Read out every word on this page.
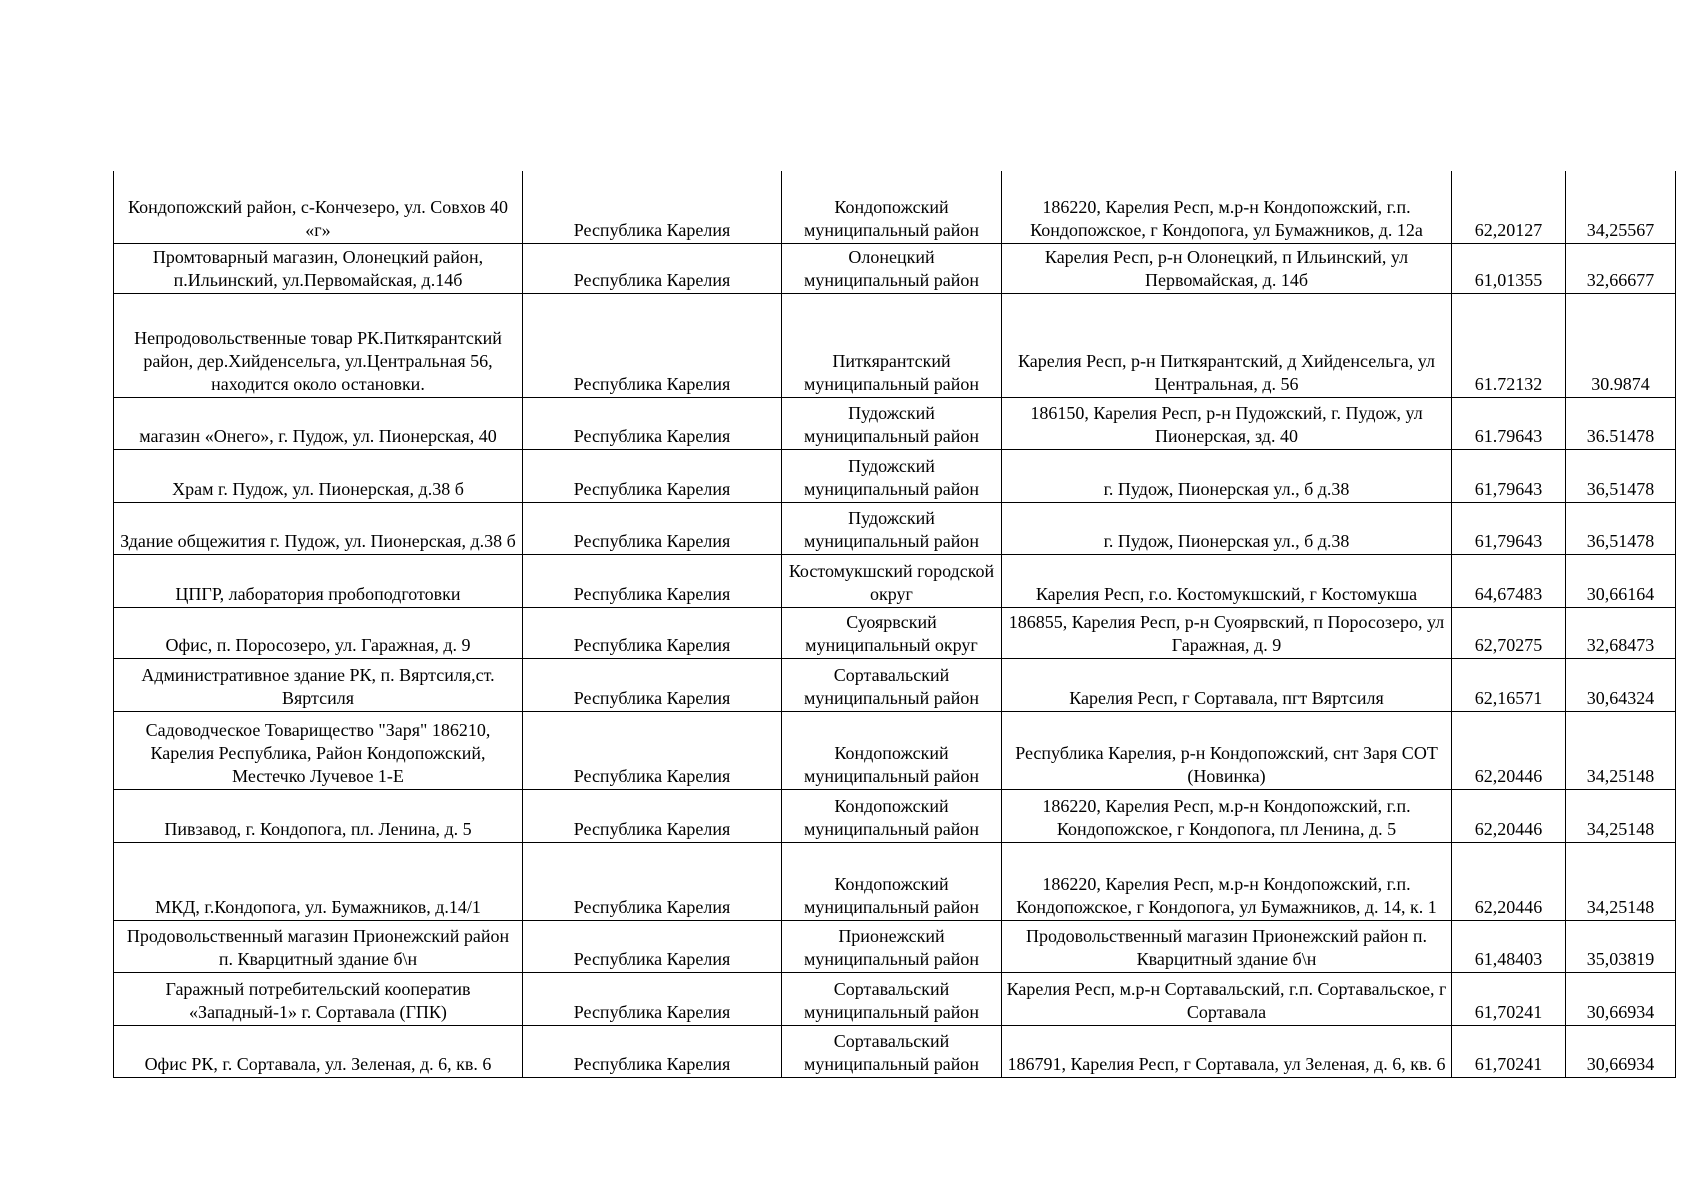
Кондопожский район, с-Кончезеро, ул. Совхов 40 «г»	Республика Карелия	Кондопожский муниципальный район	186220, Карелия Респ, м.р-н Кондопожский, г.п. Кондопожское, г Кондопога, ул Бумажников, д. 12а	62,20127	34,25567
Промтоварный магазин, Олонецкий район, п.Ильинский, ул.Первомайская, д.14б	Республика Карелия	Олонецкий муниципальный район	Карелия Респ, р-н Олонецкий, п Ильинский, ул Первомайская, д. 14б	61,01355	32,66677
Непродовольственные товар РК.Питкярантский район, дер.Хийденсельга, ул.Центральная 56, находится около остановки.	Республика Карелия	Питкярантский муниципальный район	Карелия Респ, р-н Питкярантский, д Хийденсельга, ул Центральная, д. 56	61.72132	30.9874
магазин «Онего», г. Пудож, ул. Пионерская, 40	Республика Карелия	Пудожский муниципальный район	186150, Карелия Респ, р-н Пудожский, г. Пудож, ул Пионерская, зд. 40	61.79643	36.51478
Храм г. Пудож, ул. Пионерская, д.38 б	Республика Карелия	Пудожский муниципальный район	г. Пудож, Пионерская ул., б д.38	61,79643	36,51478
Здание общежития г. Пудож, ул. Пионерская, д.38 б	Республика Карелия	Пудожский муниципальный район	г. Пудож, Пионерская ул., б д.38	61,79643	36,51478
ЦПГР, лаборатория пробоподготовки	Республика Карелия	Костомукшский городской округ	Карелия Респ, г.о. Костомукшский, г Костомукша	64,67483	30,66164
Офис, п. Поросозеро, ул. Гаражная, д. 9	Республика Карелия	Суоярвский муниципальный округ	186855, Карелия Респ, р-н Суоярвский, п Поросозеро, ул Гаражная, д. 9	62,70275	32,68473
Административное здание РК, п. Вяртсиля,ст. Вяртсиля	Республика Карелия	Сортавальский муниципальный район	Карелия Респ, г Сортавала, пгт Вяртсиля	62,16571	30,64324
Садоводческое Товарищество "Заря" 186210, Карелия Республика, Район Кондопожский, Местечко Лучевое 1-Е	Республика Карелия	Кондопожский муниципальный район	Республика Карелия, р-н Кондопожский, снт Заря СОТ (Новинка)	62,20446	34,25148
Пивзавод, г. Кондопога, пл. Ленина, д. 5	Республика Карелия	Кондопожский муниципальный район	186220, Карелия Респ, м.р-н Кондопожский, г.п. Кондопожское, г Кондопога, пл Ленина, д. 5	62,20446	34,25148
МКД, г.Кондопога, ул. Бумажников, д.14/1	Республика Карелия	Кондопожский муниципальный район	186220, Карелия Респ, м.р-н Кондопожский, г.п. Кондопожское, г Кондопога, ул Бумажников, д. 14, к. 1	62,20446	34,25148
Продовольственный магазин Прионежский район п. Кварцитный здание б\н	Республика Карелия	Прионежский муниципальный район	Продовольственный магазин Прионежский район п. Кварцитный здание б\н	61,48403	35,03819
Гаражный потребительский кооператив «Западный-1» г. Сортавала (ГПК)	Республика Карелия	Сортавальский муниципальный район	Карелия Респ, м.р-н Сортавальский, г.п. Сортавальское, г Сортавала	61,70241	30,66934
Офис РК, г. Сортавала, ул. Зеленая, д. 6, кв. 6	Республика Карелия	Сортавальский муниципальный район	186791, Карелия Респ, г Сортавала, ул Зеленая, д. 6, кв. 6	61,70241	30,66934
